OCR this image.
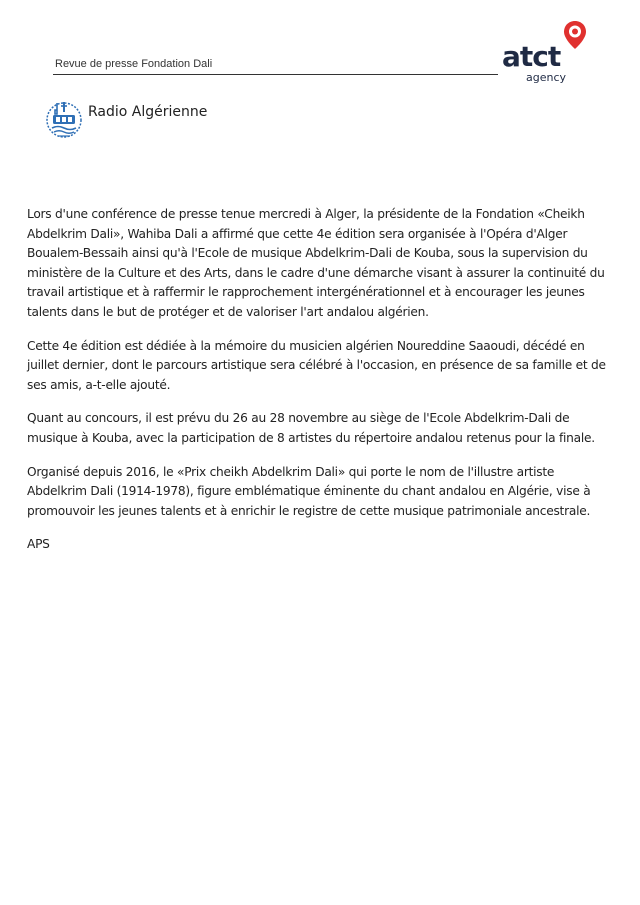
Revue de presse Fondation Dali	atct
agency
Radio Algérienne

Lors d'une conférence de presse tenue mercredi à Alger, la présidente de la Fondation «Cheikh Abdelkrim Dali», Wahiba Dali a affirmé que cette 4e édition sera organisée à l'Opéra d'Alger Boualem-Bessaih ainsi qu'à l'Ecole de musique Abdelkrim-Dali de Kouba, sous la supervision du ministère de la Culture et des Arts, dans le cadre d'une démarche visant à assurer la continuité du travail artistique et à raffermir le rapprochement intergénérationnel et à encourager les jeunes talents dans le but de protéger et de valoriser l'art andalou algérien.

Cette 4e édition est dédiée à la mémoire du musicien algérien Noureddine Saaoudi, décédé en juillet dernier, dont le parcours artistique sera célébré à l'occasion, en présence de sa famille et de ses amis, a-t-elle ajouté.

Quant au concours, il est prévu du 26 au 28 novembre au siège de l'Ecole Abdelkrim-Dali de musique à Kouba, avec la participation de 8 artistes du répertoire andalou retenus pour la finale.

Organisé depuis 2016, le «Prix cheikh Abdelkrim Dali» qui porte le nom de l'illustre artiste Abdelkrim Dali (1914-1978), figure emblématique éminente du chant andalou en Algérie, vise à promouvoir les jeunes talents et à enrichir le registre de cette musique patrimoniale ancestrale.

APS
